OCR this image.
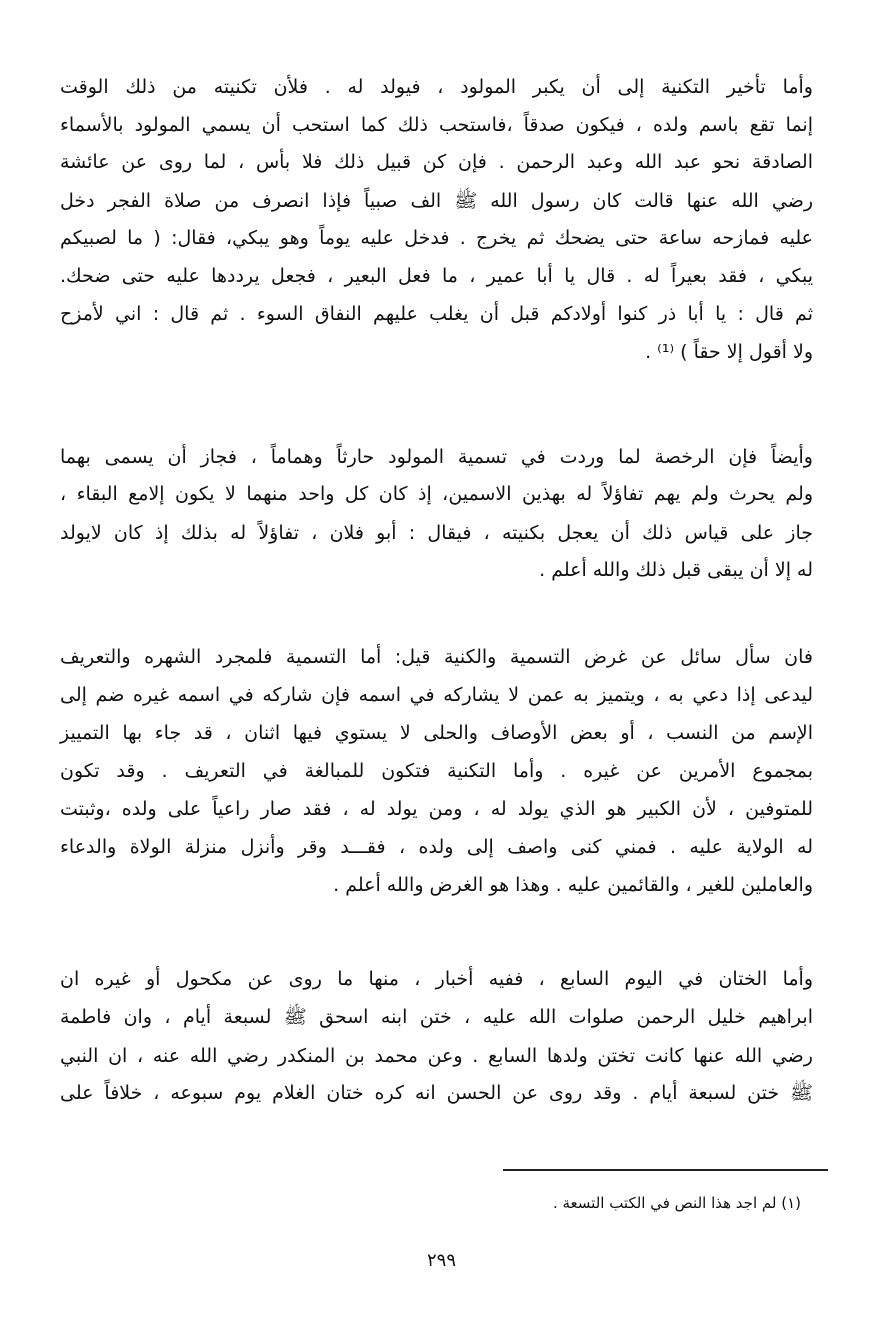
وأما تأخير التكنية إلى أن يكبر المولود ، فيولد له . فلأن تكنيته من ذلك الوقت
إنما تقع باسم ولده ، فيكون صدقاً ،فاستحب ذلك كما استحب أن يسمي المولود بالأسماء
الصادقة نحو عبد الله وعبد الرحمن . فإن كن قبيل ذلك فلا بأس ، لما روى عن عائشة
رضي الله عنها قالت كان رسول الله ﷺ الف صبياً فإذا انصرف من صلاة الفجر دخل
عليه فمازحه ساعة حتى يضحك ثم يخرج . فدخل عليه يوماً وهو يبكي، فقال: ( ما لصبيكم
يبكي ، فقد بعيراً له . قال يا أبا عمير ، ما فعل البعير ، فجعل يرددها عليه حتى ضحك.
ثم قال : يا أبا ذر كنوا أولادكم قبل أن يغلب عليهم النفاق السوء . ثم قال : اني لأمزح
ولا أقول إلا حقاً ) ⁽¹⁾ .
وأيضاً فإن الرخصة لما وردت في تسمية المولود حارثاً وهماماً ، فجاز أن يسمى بهما
ولم يحرث ولم يهم تفاؤلاً له بهذين الاسمين، إذ كان كل واحد منهما لا يكون إلامع البقاء ،
جاز على قياس ذلك أن يعجل بكنيته ، فيقال : أبو فلان ، تفاؤلاً له بذلك إذ كان لايولد
له إلا أن يبقى قبل ذلك والله أعلم .
فان سأل سائل عن غرض التسمية والكنية قيل: أما التسمية فلمجرد الشهره والتعريف
ليدعى إذا دعي به ، ويتميز به عمن لا يشاركه في اسمه فإن شاركه في اسمه غيره ضم إلى
الإسم من النسب ، أو بعض الأوصاف والحلى لا يستوي فيها اثنان ، قد جاء بها التمييز
بمجموع الأمرين عن غيره . وأما التكنية فتكون للمبالغة في التعريف . وقد تكون
للمتوفين ، لأن الكبير هو الذي يولد له ، ومن يولد له ، فقد صار راعياً على ولده ،وثبتت
له الولاية عليه . فمني كنى واصف إلى ولده ، فقـــد وقر وأنزل منزلة الولاة والدعاء
والعاملين للغير ، والقائمين عليه . وهذا هو الغرض والله أعلم .
وأما الختان في اليوم السابع ، ففيه أخبار ، منها ما روى عن مكحول أو غيره ان
ابراهيم خليل الرحمن صلوات الله عليه ، ختن ابنه اسحق ﷺ لسبعة أيام ، وان فاطمة
رضي الله عنها كانت تختن ولدها السابع . وعن محمد بن المنكدر رضي الله عنه ، ان النبي
ﷺ ختن لسبعة أيام . وقد روى عن الحسن انه كره ختان الغلام يوم سبوعه ، خلافاً على
(١) لم اجد هذا النص في الكتب التسعة .
٢٩٩
